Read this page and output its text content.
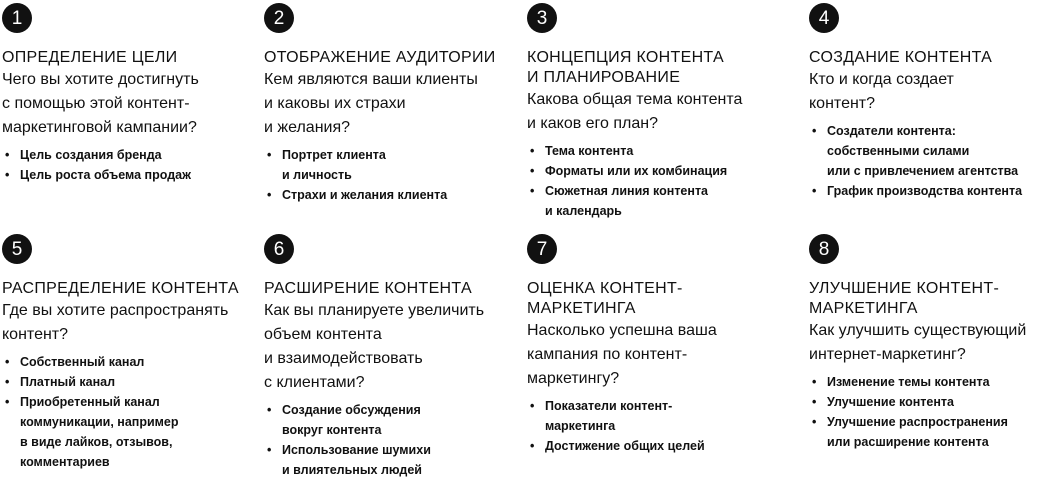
1
ОПРЕДЕЛЕНИЕ ЦЕЛИ
Чего вы хотите достигнуть
с помощью этой контент-
маркетинговой кампании?
• Цель создания бренда
• Цель роста объема продаж
2
ОТОБРАЖЕНИЕ АУДИТОРИИ
Кем являются ваши клиенты
и каковы их страхи
и желания?
• Портрет клиента
и личность
• Страхи и желания клиента
3
КОНЦЕПЦИЯ КОНТЕНТА
И ПЛАНИРОВАНИЕ
Какова общая тема контента
и каков его план?
• Тема контента
• Форматы или их комбинация
• Сюжетная линия контента
и календарь
4
СОЗДАНИЕ КОНТЕНТА
Кто и когда создает
контент?
• Создатели контента:
собственными силами
или с привлечением агентства
• График производства контента
5
РАСПРЕДЕЛЕНИЕ КОНТЕНТА
Где вы хотите распространять
контент?
• Собственный канал
• Платный канал
• Приобретенный канал
коммуникации, например
в виде лайков, отзывов,
комментариев
6
РАСШИРЕНИЕ КОНТЕНТА
Как вы планируете увеличить
объем контента
и взаимодействовать
с клиентами?
• Создание обсуждения
вокруг контента
• Использование шумихи
и влиятельных людей
7
ОЦЕНКА КОНТЕНТ-
МАРКЕТИНГА
Насколько успешна ваша
кампания по контент-
маркетингу?
• Показатели контент-
маркетинга
• Достижение общих целей
8
УЛУЧШЕНИЕ КОНТЕНТ-
МАРКЕТИНГА
Как улучшить существующий
интернет-маркетинг?
• Изменение темы контента
• Улучшение контента
• Улучшение распространения
или расширение контента
